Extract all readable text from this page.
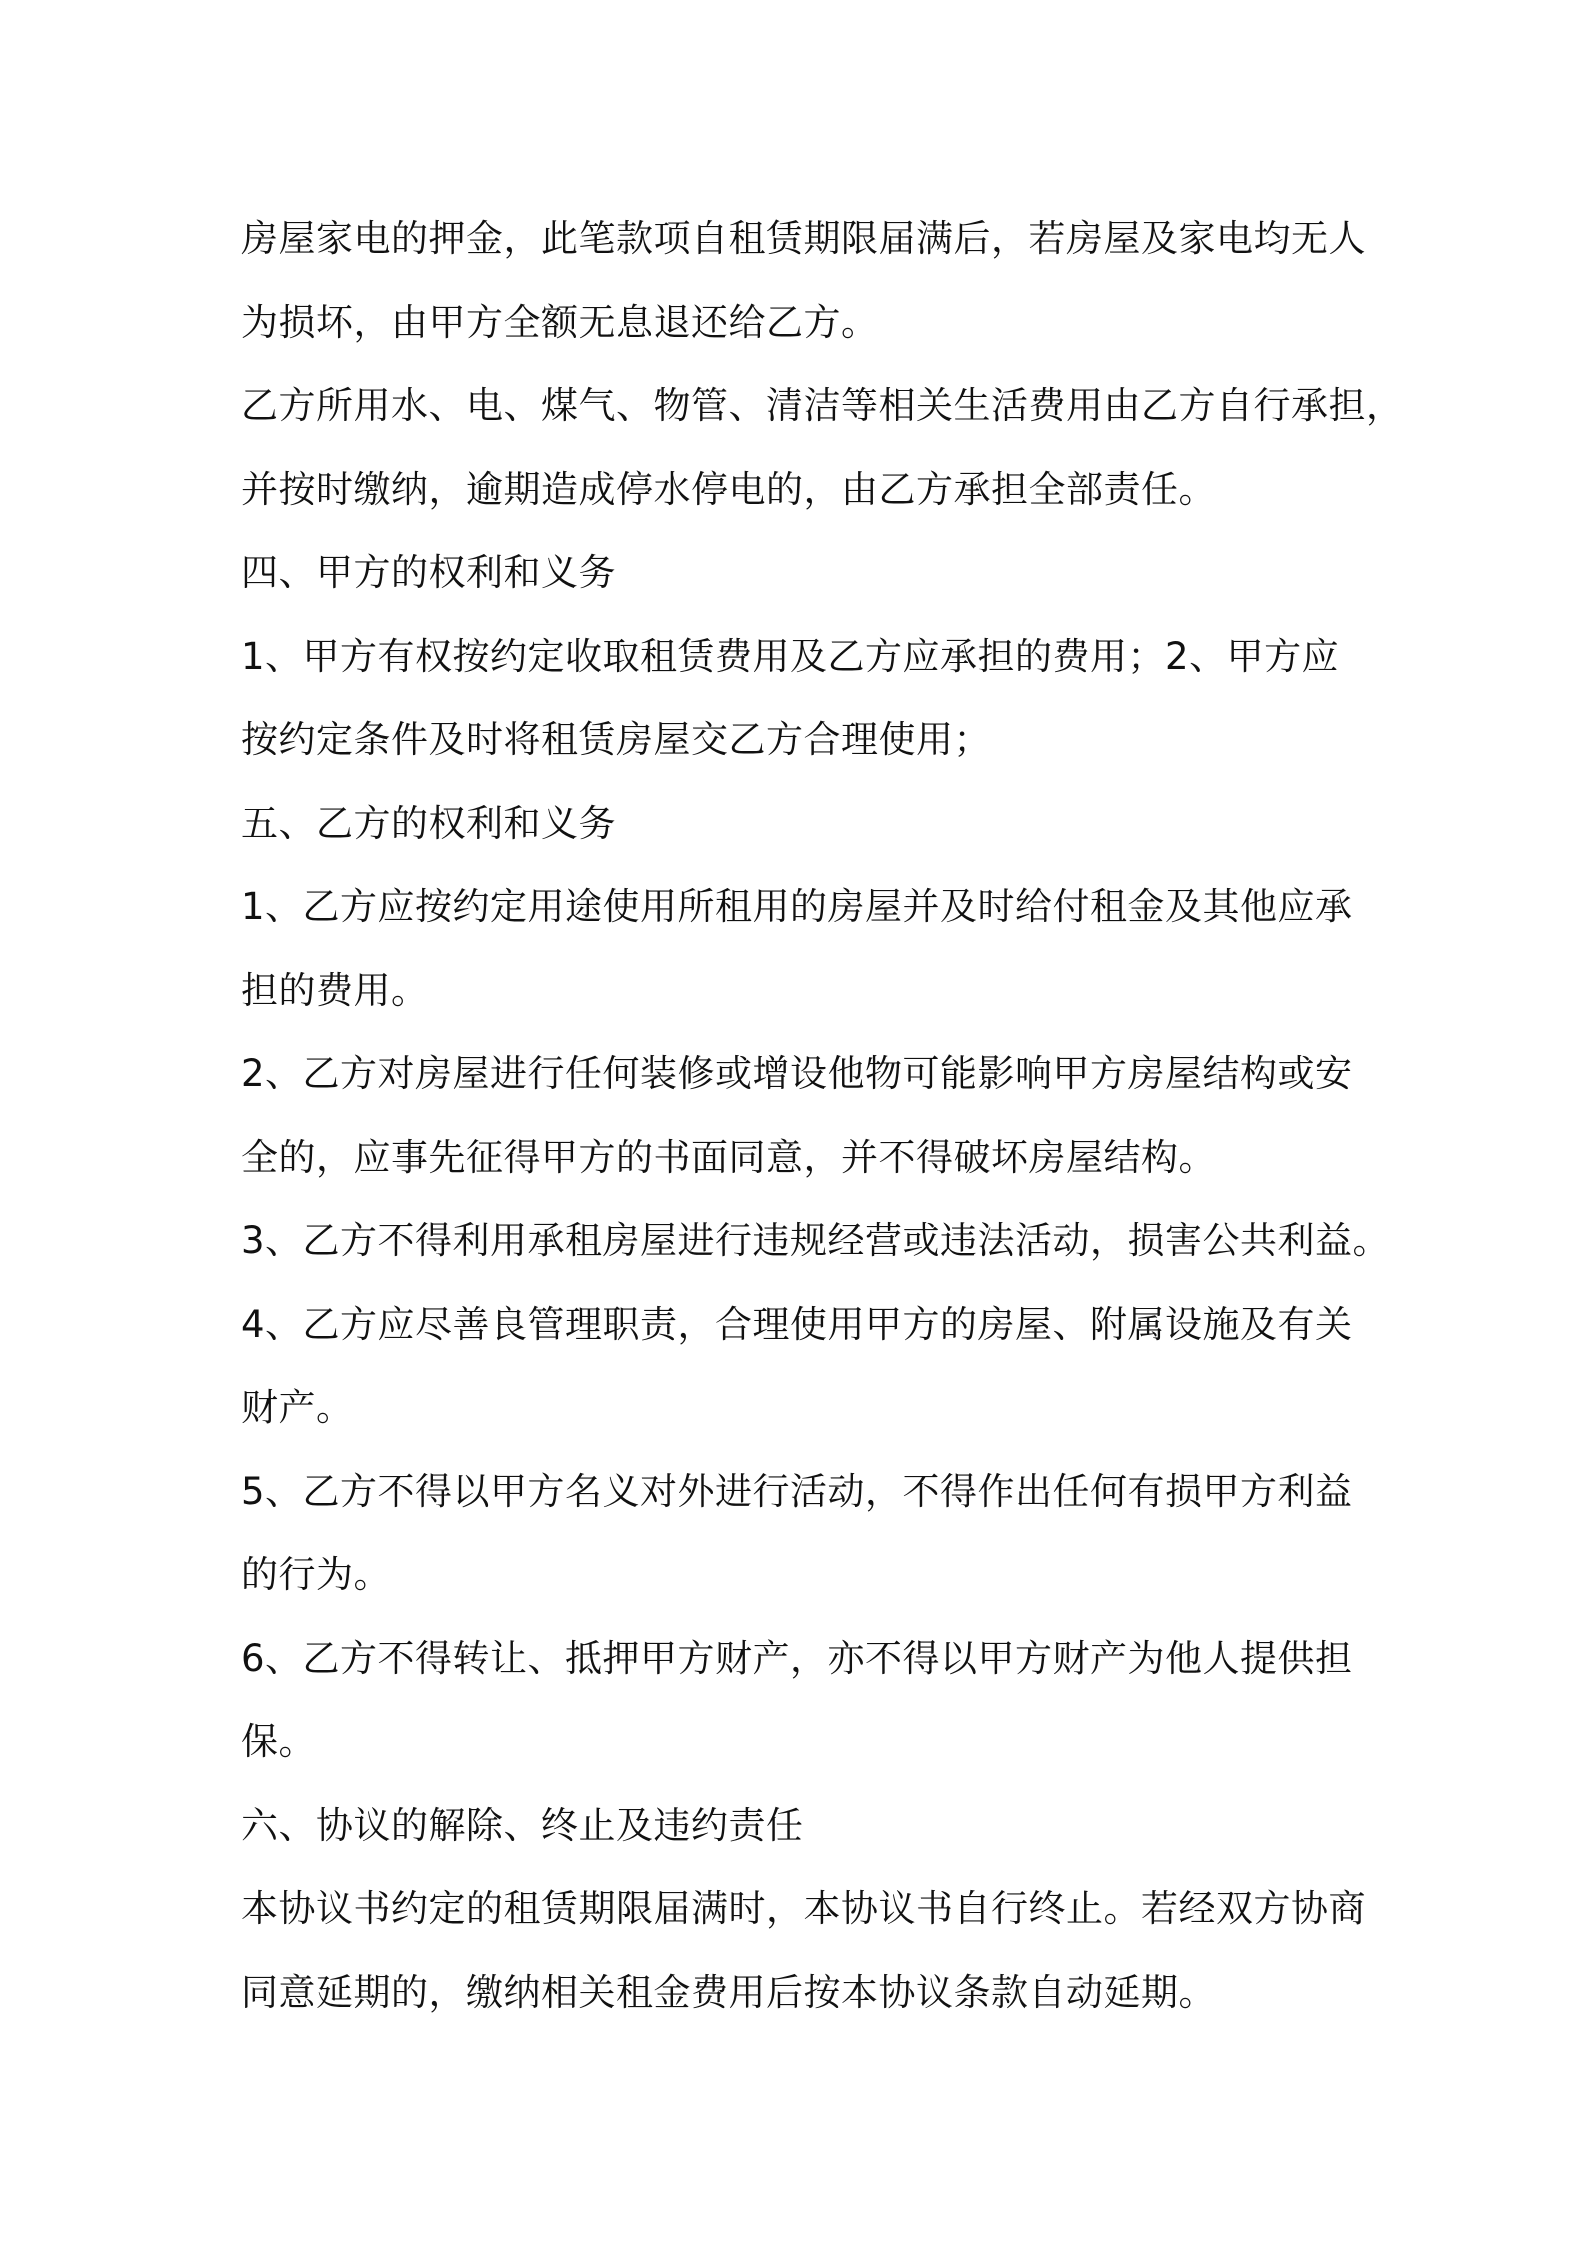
房屋家电的押金，此笔款项自租赁期限届满后，若房屋及家电均无人
为损坏，由甲方全额无息退还给乙方。
乙方所用水、电、煤气、物管、清洁等相关生活费用由乙方自行承担，
并按时缴纳，逾期造成停水停电的，由乙方承担全部责任。
四、甲方的权利和义务
1、甲方有权按约定收取租赁费用及乙方应承担的费用；2、甲方应
按约定条件及时将租赁房屋交乙方合理使用；
五、乙方的权利和义务
1、乙方应按约定用途使用所租用的房屋并及时给付租金及其他应承
担的费用。
2、乙方对房屋进行任何装修或增设他物可能影响甲方房屋结构或安
全的，应事先征得甲方的书面同意，并不得破坏房屋结构。
3、乙方不得利用承租房屋进行违规经营或违法活动，损害公共利益。
4、乙方应尽善良管理职责，合理使用甲方的房屋、附属设施及有关
财产。
5、乙方不得以甲方名义对外进行活动，不得作出任何有损甲方利益
的行为。
6、乙方不得转让、抵押甲方财产，亦不得以甲方财产为他人提供担
保。
六、协议的解除、终止及违约责任
本协议书约定的租赁期限届满时，本协议书自行终止。若经双方协商
同意延期的，缴纳相关租金费用后按本协议条款自动延期。
